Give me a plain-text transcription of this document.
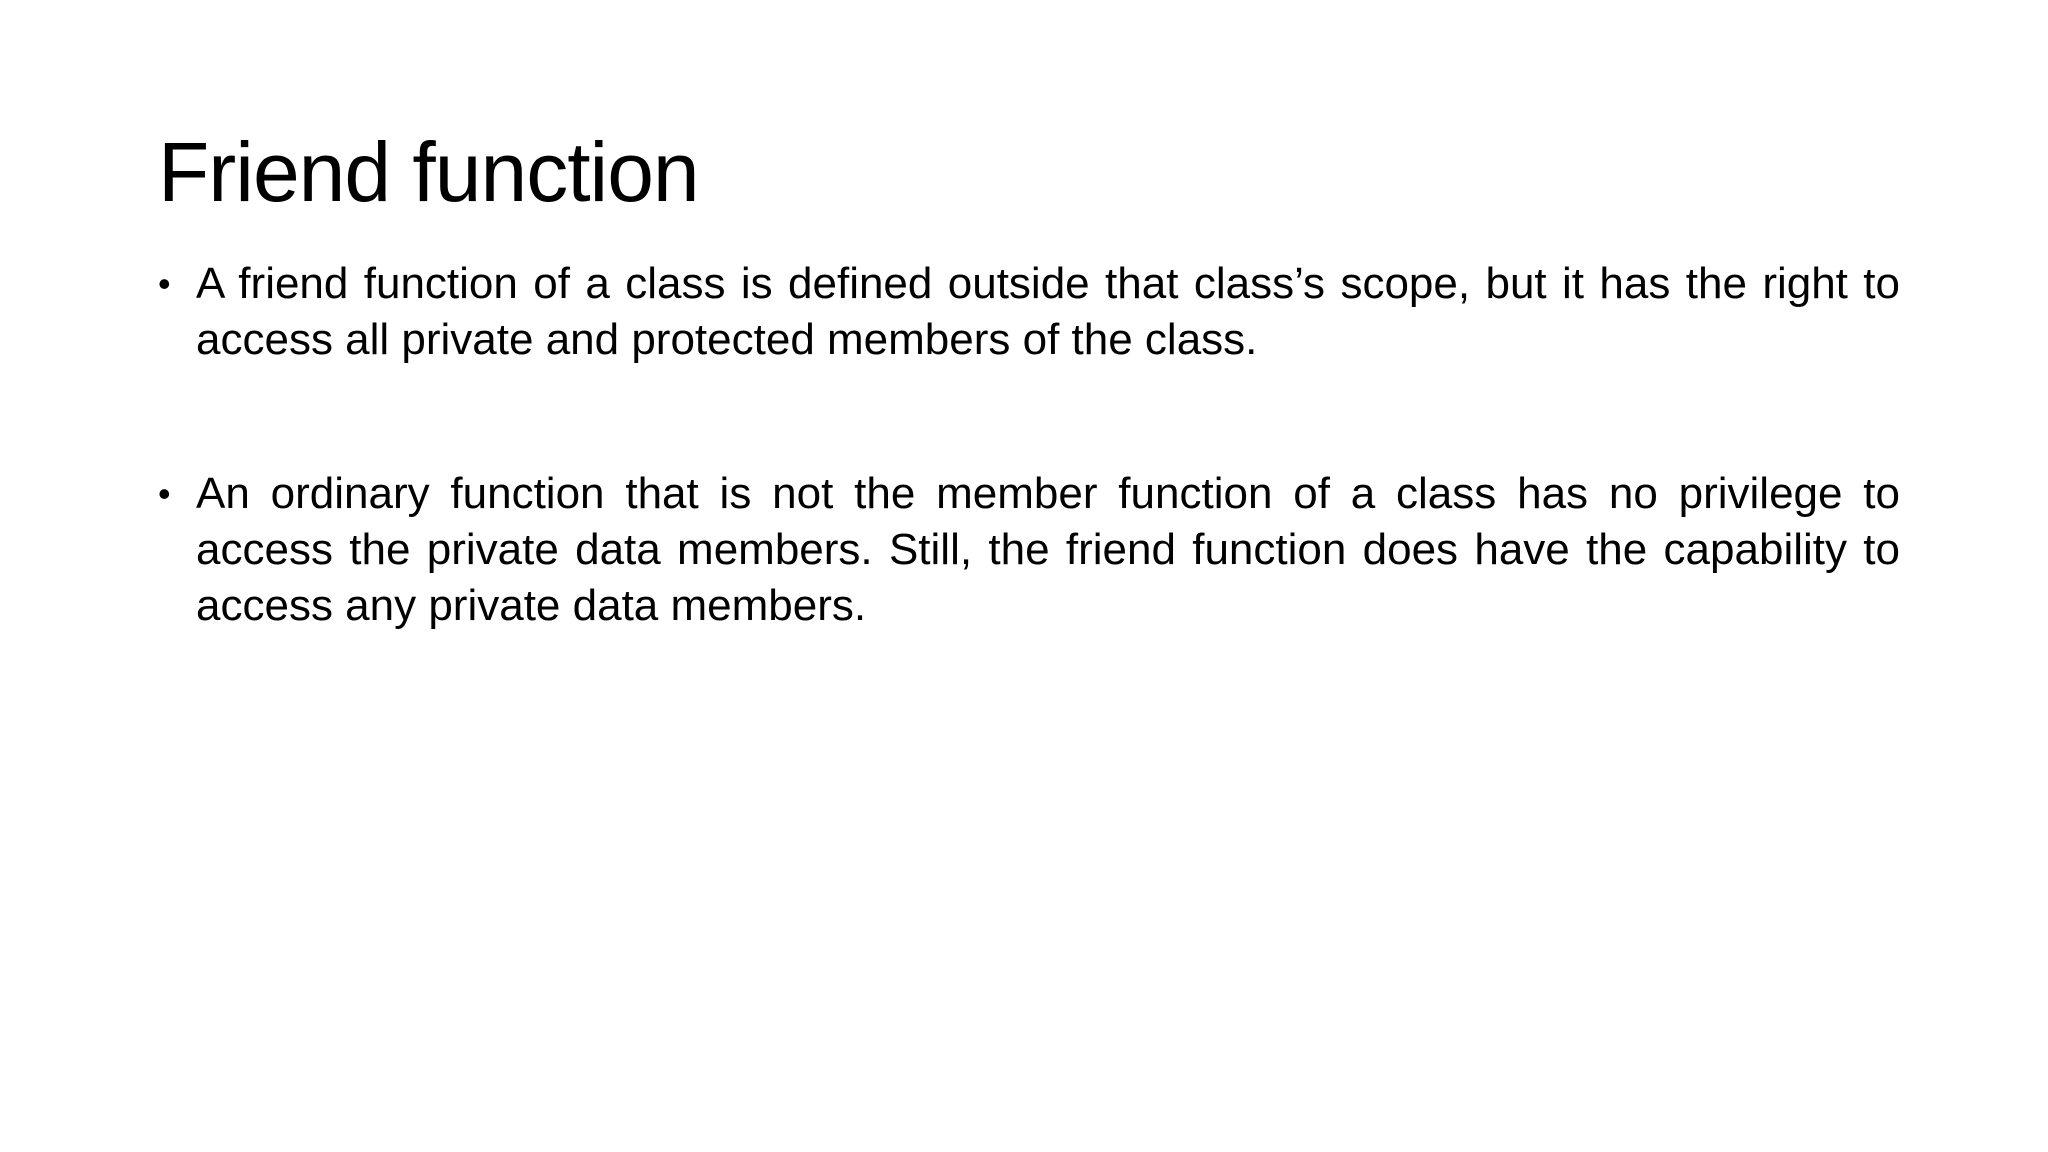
Friend function
• A friend function of a class is defined outside that class’s scope, but it has the right to access all private and protected members of the class.
• An ordinary function that is not the member function of a class has no privilege to access the private data members. Still, the friend function does have the capability to access any private data members.
